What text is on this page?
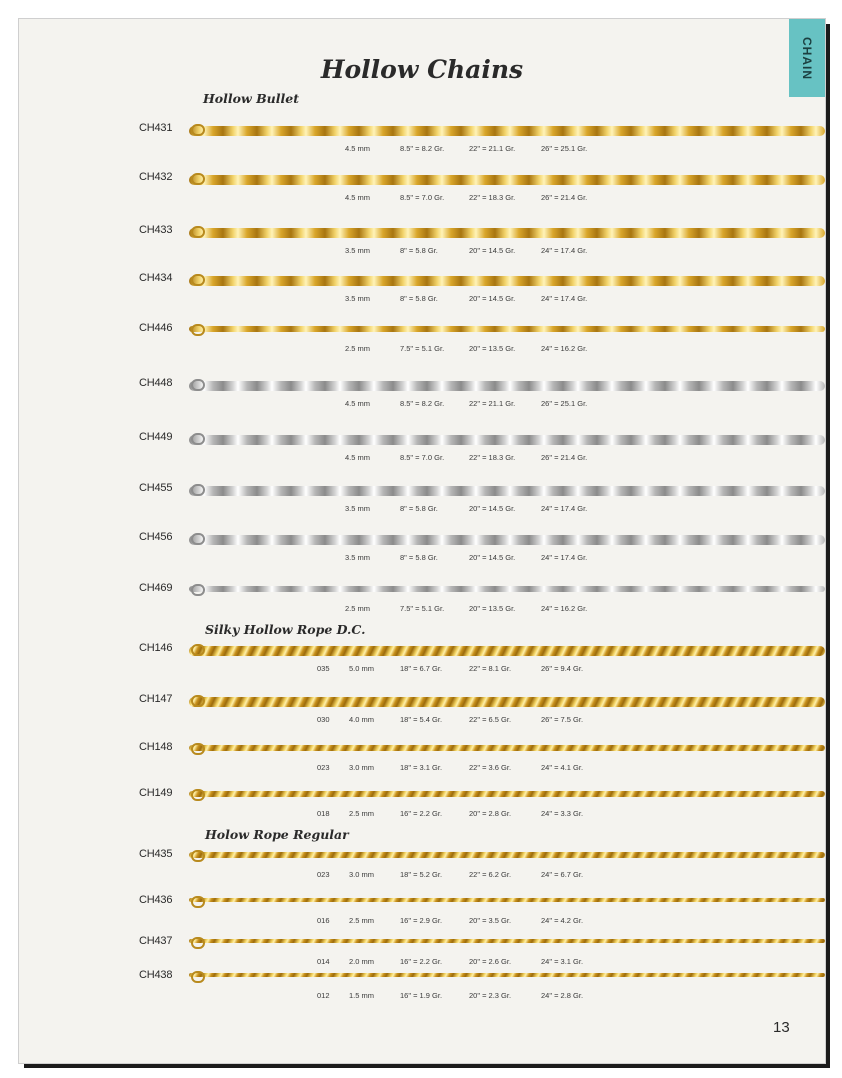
CHAIN
Hollow Chains
Hollow Bullet
Silky Hollow Rope D.C.
Holow Rope Regular
CH431
4.5 mm	8.5" = 8.2 Gr.	22" = 21.1 Gr.	26" = 25.1 Gr.
CH432
4.5 mm	8.5" = 7.0 Gr.	22" = 18.3 Gr.	26" = 21.4 Gr.
CH433
3.5 mm	8" = 5.8 Gr.	20" = 14.5 Gr.	24" = 17.4 Gr.
CH434
3.5 mm	8" = 5.8 Gr.	20" = 14.5 Gr.	24" = 17.4 Gr.
CH446
2.5 mm	7.5" = 5.1 Gr.	20" = 13.5 Gr.	24" = 16.2 Gr.
CH448
4.5 mm	8.5" = 8.2 Gr.	22" = 21.1 Gr.	26" = 25.1 Gr.
CH449
4.5 mm	8.5" = 7.0 Gr.	22" = 18.3 Gr.	26" = 21.4 Gr.
CH455
3.5 mm	8" = 5.8 Gr.	20" = 14.5 Gr.	24" = 17.4 Gr.
CH456
3.5 mm	8" = 5.8 Gr.	20" = 14.5 Gr.	24" = 17.4 Gr.
CH469
2.5 mm	7.5" = 5.1 Gr.	20" = 13.5 Gr.	24" = 16.2 Gr.
CH146
035	5.0 mm	18" = 6.7 Gr.	22" = 8.1 Gr.	26" = 9.4 Gr.
CH147
030	4.0 mm	18" = 5.4 Gr.	22" = 6.5 Gr.	26" = 7.5 Gr.
CH148
023	3.0 mm	18" = 3.1 Gr.	22" = 3.6 Gr.	24" = 4.1 Gr.
CH149
018	2.5 mm	16" = 2.2 Gr.	20" = 2.8 Gr.	24" = 3.3 Gr.
CH435
023	3.0 mm	18" = 5.2 Gr.	22" = 6.2 Gr.	24" = 6.7 Gr.
CH436
016	2.5 mm	16" = 2.9 Gr.	20" = 3.5 Gr.	24" = 4.2 Gr.
CH437
014	2.0 mm	16" = 2.2 Gr.	20" = 2.6 Gr.	24" = 3.1 Gr.
CH438
012	1.5 mm	16" = 1.9 Gr.	20" = 2.3 Gr.	24" = 2.8 Gr.
13
